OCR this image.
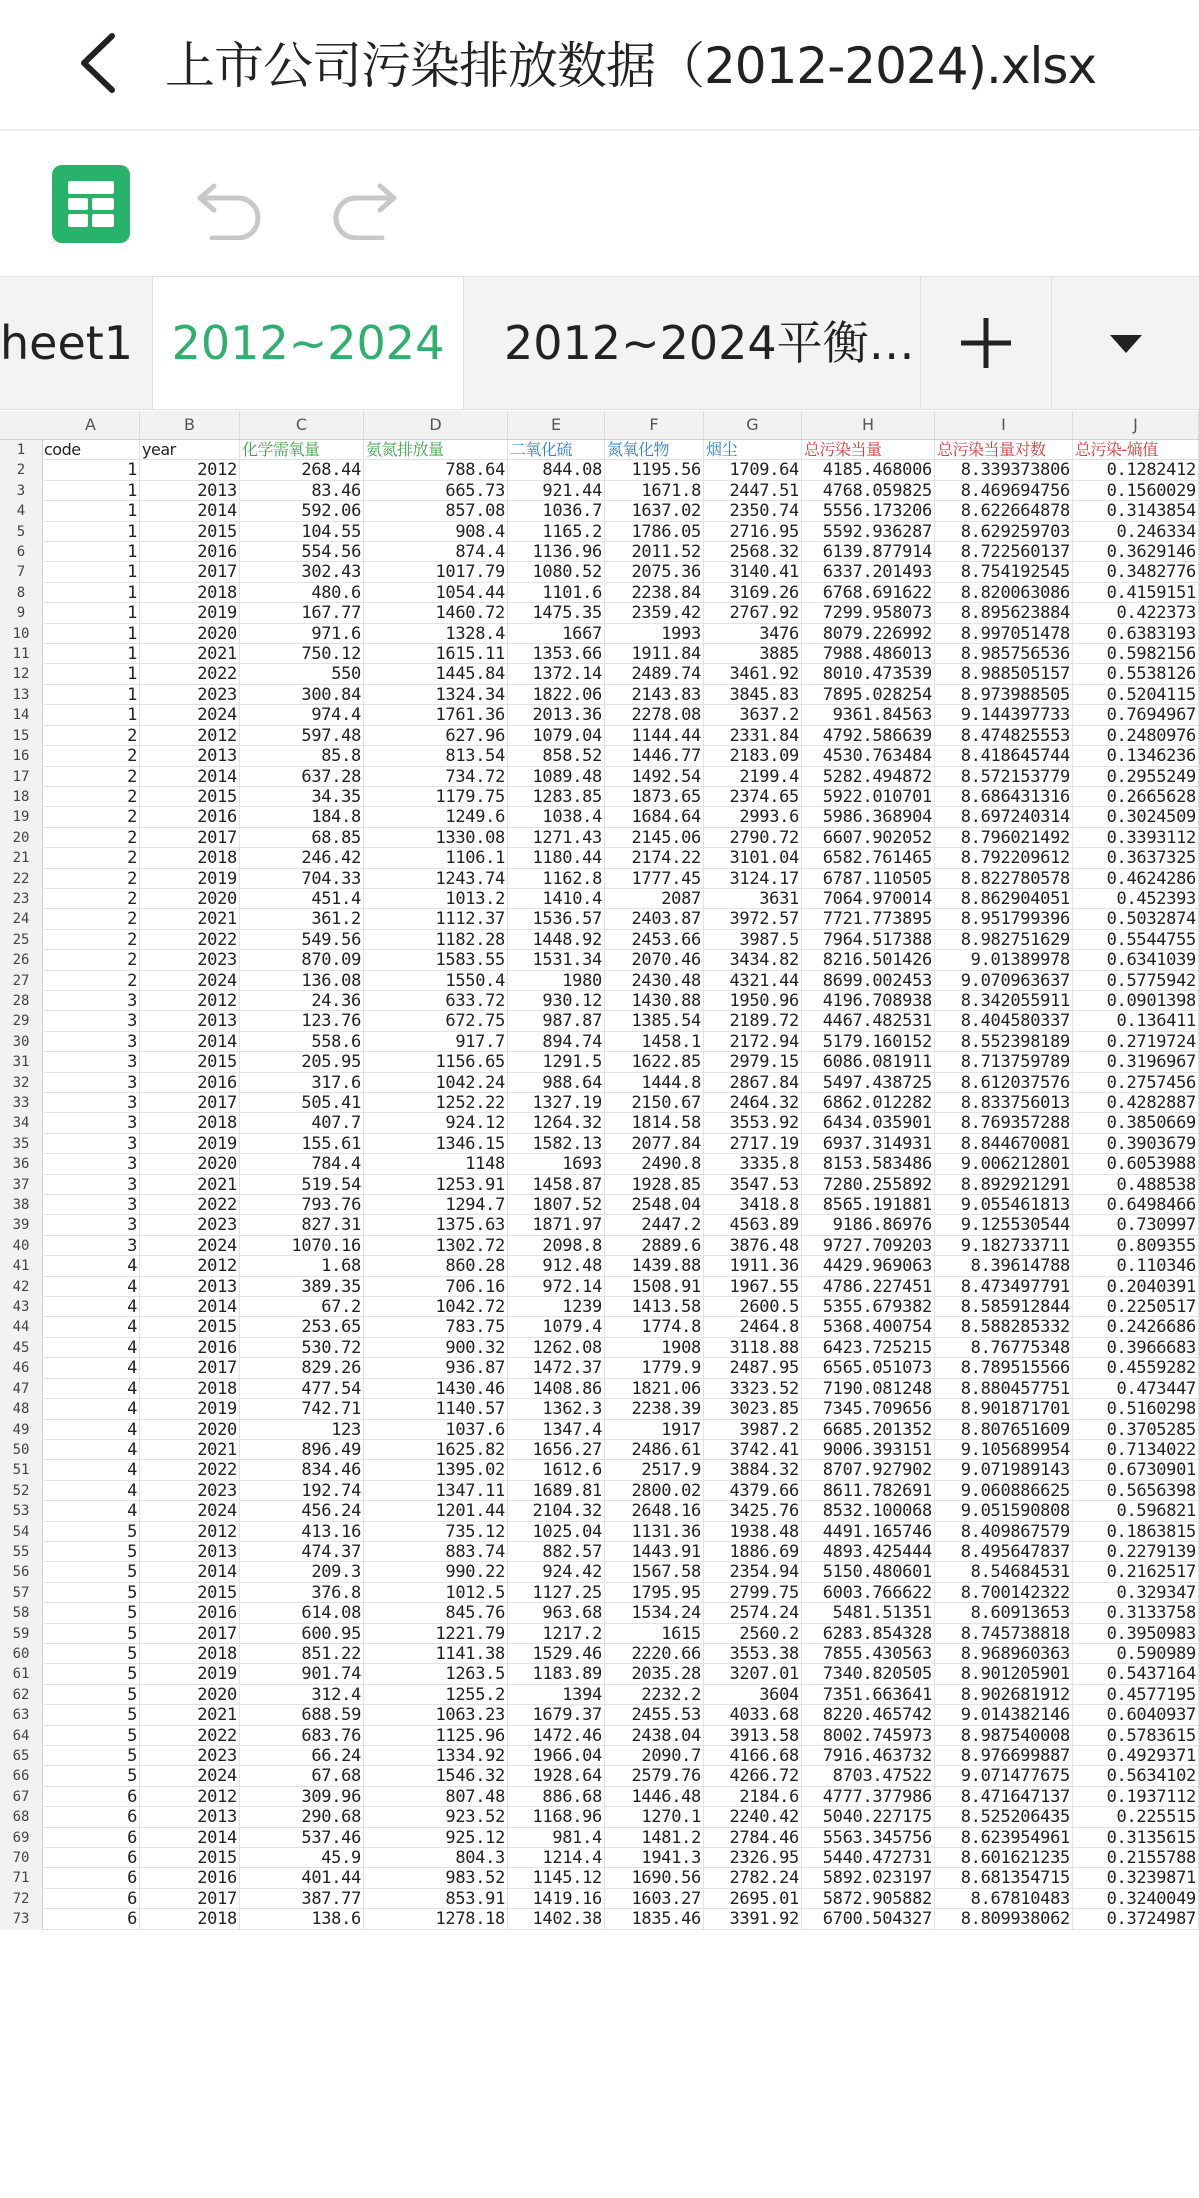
上市公司污染排放数据（2012-2024).xlsx
heet1 2012~2024	2012~2024平衡…
A	B	C	D	E	F	G	H	I	J
1
2
3
4
5
6
7
8
9
10
11
12
13
14
15
16
17
18
19
20
21
22
23
24
25
26
27
28
29
30
31
32
33
34
35
36
37
38
39
40
41
42
43
44
45
46
47
48
49
50
51
52
53
54
55
56
57
58
59
60
61
62
63
64
65
66
67
68
69
70
71
72
73
code	year	化学需氧量	氨氮排放量	二氧化硫	氮氧化物	烟尘	总污染当量	总污染当量对数	总污染-熵值
1	2012	268.44	788.64	844.08	1195.56	1709.64	4185.468006	8.339373806	0.1282412
1	2013	83.46	665.73	921.44	1671.8	2447.51	4768.059825	8.469694756	0.1560029
1	2014	592.06	857.08	1036.7	1637.02	2350.74	5556.173206	8.622664878	0.3143854
1	2015	104.55	908.4	1165.2	1786.05	2716.95	5592.936287	8.629259703	0.246334
1	2016	554.56	874.4	1136.96	2011.52	2568.32	6139.877914	8.722560137	0.3629146
1	2017	302.43	1017.79	1080.52	2075.36	3140.41	6337.201493	8.754192545	0.3482776
1	2018	480.6	1054.44	1101.6	2238.84	3169.26	6768.691622	8.820063086	0.4159151
1	2019	167.77	1460.72	1475.35	2359.42	2767.92	7299.958073	8.895623884	0.422373
1	2020	971.6	1328.4	1667	1993	3476	8079.226992	8.997051478	0.6383193
1	2021	750.12	1615.11	1353.66	1911.84	3885	7988.486013	8.985756536	0.5982156
1	2022	550	1445.84	1372.14	2489.74	3461.92	8010.473539	8.988505157	0.5538126
1	2023	300.84	1324.34	1822.06	2143.83	3845.83	7895.028254	8.973988505	0.5204115
1	2024	974.4	1761.36	2013.36	2278.08	3637.2	9361.84563	9.144397733	0.7694967
2	2012	597.48	627.96	1079.04	1144.44	2331.84	4792.586639	8.474825553	0.2480976
2	2013	85.8	813.54	858.52	1446.77	2183.09	4530.763484	8.418645744	0.1346236
2	2014	637.28	734.72	1089.48	1492.54	2199.4	5282.494872	8.572153779	0.2955249
2	2015	34.35	1179.75	1283.85	1873.65	2374.65	5922.010701	8.686431316	0.2665628
2	2016	184.8	1249.6	1038.4	1684.64	2993.6	5986.368904	8.697240314	0.3024509
2	2017	68.85	1330.08	1271.43	2145.06	2790.72	6607.902052	8.796021492	0.3393112
2	2018	246.42	1106.1	1180.44	2174.22	3101.04	6582.761465	8.792209612	0.3637325
2	2019	704.33	1243.74	1162.8	1777.45	3124.17	6787.110505	8.822780578	0.4624286
2	2020	451.4	1013.2	1410.4	2087	3631	7064.970014	8.862904051	0.452393
2	2021	361.2	1112.37	1536.57	2403.87	3972.57	7721.773895	8.951799396	0.5032874
2	2022	549.56	1182.28	1448.92	2453.66	3987.5	7964.517388	8.982751629	0.5544755
2	2023	870.09	1583.55	1531.34	2070.46	3434.82	8216.501426	9.01389978	0.6341039
2	2024	136.08	1550.4	1980	2430.48	4321.44	8699.002453	9.070963637	0.5775942
3	2012	24.36	633.72	930.12	1430.88	1950.96	4196.708938	8.342055911	0.0901398
3	2013	123.76	672.75	987.87	1385.54	2189.72	4467.482531	8.404580337	0.136411
3	2014	558.6	917.7	894.74	1458.1	2172.94	5179.160152	8.552398189	0.2719724
3	2015	205.95	1156.65	1291.5	1622.85	2979.15	6086.081911	8.713759789	0.3196967
3	2016	317.6	1042.24	988.64	1444.8	2867.84	5497.438725	8.612037576	0.2757456
3	2017	505.41	1252.22	1327.19	2150.67	2464.32	6862.012282	8.833756013	0.4282887
3	2018	407.7	924.12	1264.32	1814.58	3553.92	6434.035901	8.769357288	0.3850669
3	2019	155.61	1346.15	1582.13	2077.84	2717.19	6937.314931	8.844670081	0.3903679
3	2020	784.4	1148	1693	2490.8	3335.8	8153.583486	9.006212801	0.6053988
3	2021	519.54	1253.91	1458.87	1928.85	3547.53	7280.255892	8.892921291	0.488538
3	2022	793.76	1294.7	1807.52	2548.04	3418.8	8565.191881	9.055461813	0.6498466
3	2023	827.31	1375.63	1871.97	2447.2	4563.89	9186.86976	9.125530544	0.730997
3	2024	1070.16	1302.72	2098.8	2889.6	3876.48	9727.709203	9.182733711	0.809355
4	2012	1.68	860.28	912.48	1439.88	1911.36	4429.969063	8.39614788	0.110346
4	2013	389.35	706.16	972.14	1508.91	1967.55	4786.227451	8.473497791	0.2040391
4	2014	67.2	1042.72	1239	1413.58	2600.5	5355.679382	8.585912844	0.2250517
4	2015	253.65	783.75	1079.4	1774.8	2464.8	5368.400754	8.588285332	0.2426686
4	2016	530.72	900.32	1262.08	1908	3118.88	6423.725215	8.76775348	0.3966683
4	2017	829.26	936.87	1472.37	1779.9	2487.95	6565.051073	8.789515566	0.4559282
4	2018	477.54	1430.46	1408.86	1821.06	3323.52	7190.081248	8.880457751	0.473447
4	2019	742.71	1140.57	1362.3	2238.39	3023.85	7345.709656	8.901871701	0.5160298
4	2020	123	1037.6	1347.4	1917	3987.2	6685.201352	8.807651609	0.3705285
4	2021	896.49	1625.82	1656.27	2486.61	3742.41	9006.393151	9.105689954	0.7134022
4	2022	834.46	1395.02	1612.6	2517.9	3884.32	8707.927902	9.071989143	0.6730901
4	2023	192.74	1347.11	1689.81	2800.02	4379.66	8611.782691	9.060886625	0.5656398
4	2024	456.24	1201.44	2104.32	2648.16	3425.76	8532.100068	9.051590808	0.596821
5	2012	413.16	735.12	1025.04	1131.36	1938.48	4491.165746	8.409867579	0.1863815
5	2013	474.37	883.74	882.57	1443.91	1886.69	4893.425444	8.495647837	0.2279139
5	2014	209.3	990.22	924.42	1567.58	2354.94	5150.480601	8.54684531	0.2162517
5	2015	376.8	1012.5	1127.25	1795.95	2799.75	6003.766622	8.700142322	0.329347
5	2016	614.08	845.76	963.68	1534.24	2574.24	5481.51351	8.60913653	0.3133758
5	2017	600.95	1221.79	1217.2	1615	2560.2	6283.854328	8.745738818	0.3950983
5	2018	851.22	1141.38	1529.46	2220.66	3553.38	7855.430563	8.968960363	0.590989
5	2019	901.74	1263.5	1183.89	2035.28	3207.01	7340.820505	8.901205901	0.5437164
5	2020	312.4	1255.2	1394	2232.2	3604	7351.663641	8.902681912	0.4577195
5	2021	688.59	1063.23	1679.37	2455.53	4033.68	8220.465742	9.014382146	0.6040937
5	2022	683.76	1125.96	1472.46	2438.04	3913.58	8002.745973	8.987540008	0.5783615
5	2023	66.24	1334.92	1966.04	2090.7	4166.68	7916.463732	8.976699887	0.4929371
5	2024	67.68	1546.32	1928.64	2579.76	4266.72	8703.47522	9.071477675	0.5634102
6	2012	309.96	807.48	886.68	1446.48	2184.6	4777.377986	8.471647137	0.1937112
6	2013	290.68	923.52	1168.96	1270.1	2240.42	5040.227175	8.525206435	0.225515
6	2014	537.46	925.12	981.4	1481.2	2784.46	5563.345756	8.623954961	0.3135615
6	2015	45.9	804.3	1214.4	1941.3	2326.95	5440.472731	8.601621235	0.2155788
6	2016	401.44	983.52	1145.12	1690.56	2782.24	5892.023197	8.681354715	0.3239871
6	2017	387.77	853.91	1419.16	1603.27	2695.01	5872.905882	8.67810483	0.3240049
6	2018	138.6	1278.18	1402.38	1835.46	3391.92	6700.504327	8.809938062	0.3724987
